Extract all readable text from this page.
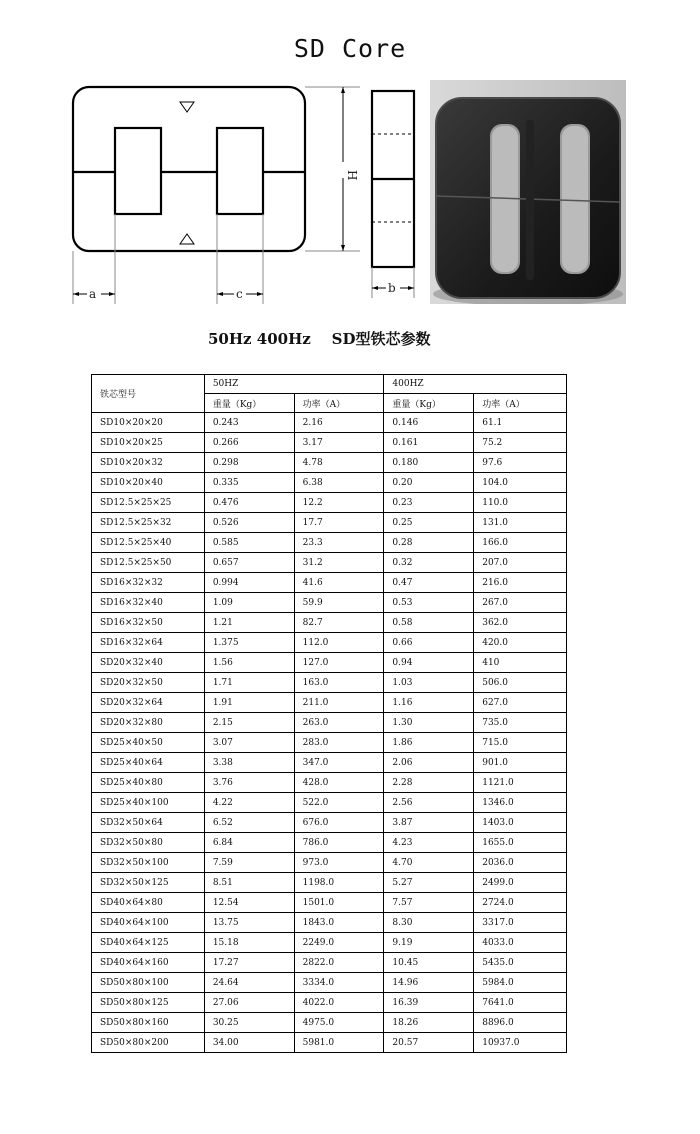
SD Core
a	c	b
H
50Hz 400Hz    SD型铁芯参数
铁芯型号	50HZ		400HZ	
	重量（Kg）	功率（A）	重量（Kg）	功率（A）
SD10×20×20	0.243	2.16	0.146	61.1
SD10×20×25	0.266	3.17	0.161	75.2
SD10×20×32	0.298	4.78	0.180	97.6
SD10×20×40	0.335	6.38	0.20	104.0
SD12.5×25×25	0.476	12.2	0.23	110.0
SD12.5×25×32	0.526	17.7	0.25	131.0
SD12.5×25×40	0.585	23.3	0.28	166.0
SD12.5×25×50	0.657	31.2	0.32	207.0
SD16×32×32	0.994	41.6	0.47	216.0
SD16×32×40	1.09	59.9	0.53	267.0
SD16×32×50	1.21	82.7	0.58	362.0
SD16×32×64	1.375	112.0	0.66	420.0
SD20×32×40	1.56	127.0	0.94	410
SD20×32×50	1.71	163.0	1.03	506.0
SD20×32×64	1.91	211.0	1.16	627.0
SD20×32×80	2.15	263.0	1.30	735.0
SD25×40×50	3.07	283.0	1.86	715.0
SD25×40×64	3.38	347.0	2.06	901.0
SD25×40×80	3.76	428.0	2.28	1121.0
SD25×40×100	4.22	522.0	2.56	1346.0
SD32×50×64	6.52	676.0	3.87	1403.0
SD32×50×80	6.84	786.0	4.23	1655.0
SD32×50×100	7.59	973.0	4.70	2036.0
SD32×50×125	8.51	1198.0	5.27	2499.0
SD40×64×80	12.54	1501.0	7.57	2724.0
SD40×64×100	13.75	1843.0	8.30	3317.0
SD40×64×125	15.18	2249.0	9.19	4033.0
SD40×64×160	17.27	2822.0	10.45	5435.0
SD50×80×100	24.64	3334.0	14.96	5984.0
SD50×80×125	27.06	4022.0	16.39	7641.0
SD50×80×160	30.25	4975.0	18.26	8896.0
SD50×80×200	34.00	5981.0	20.57	10937.0
